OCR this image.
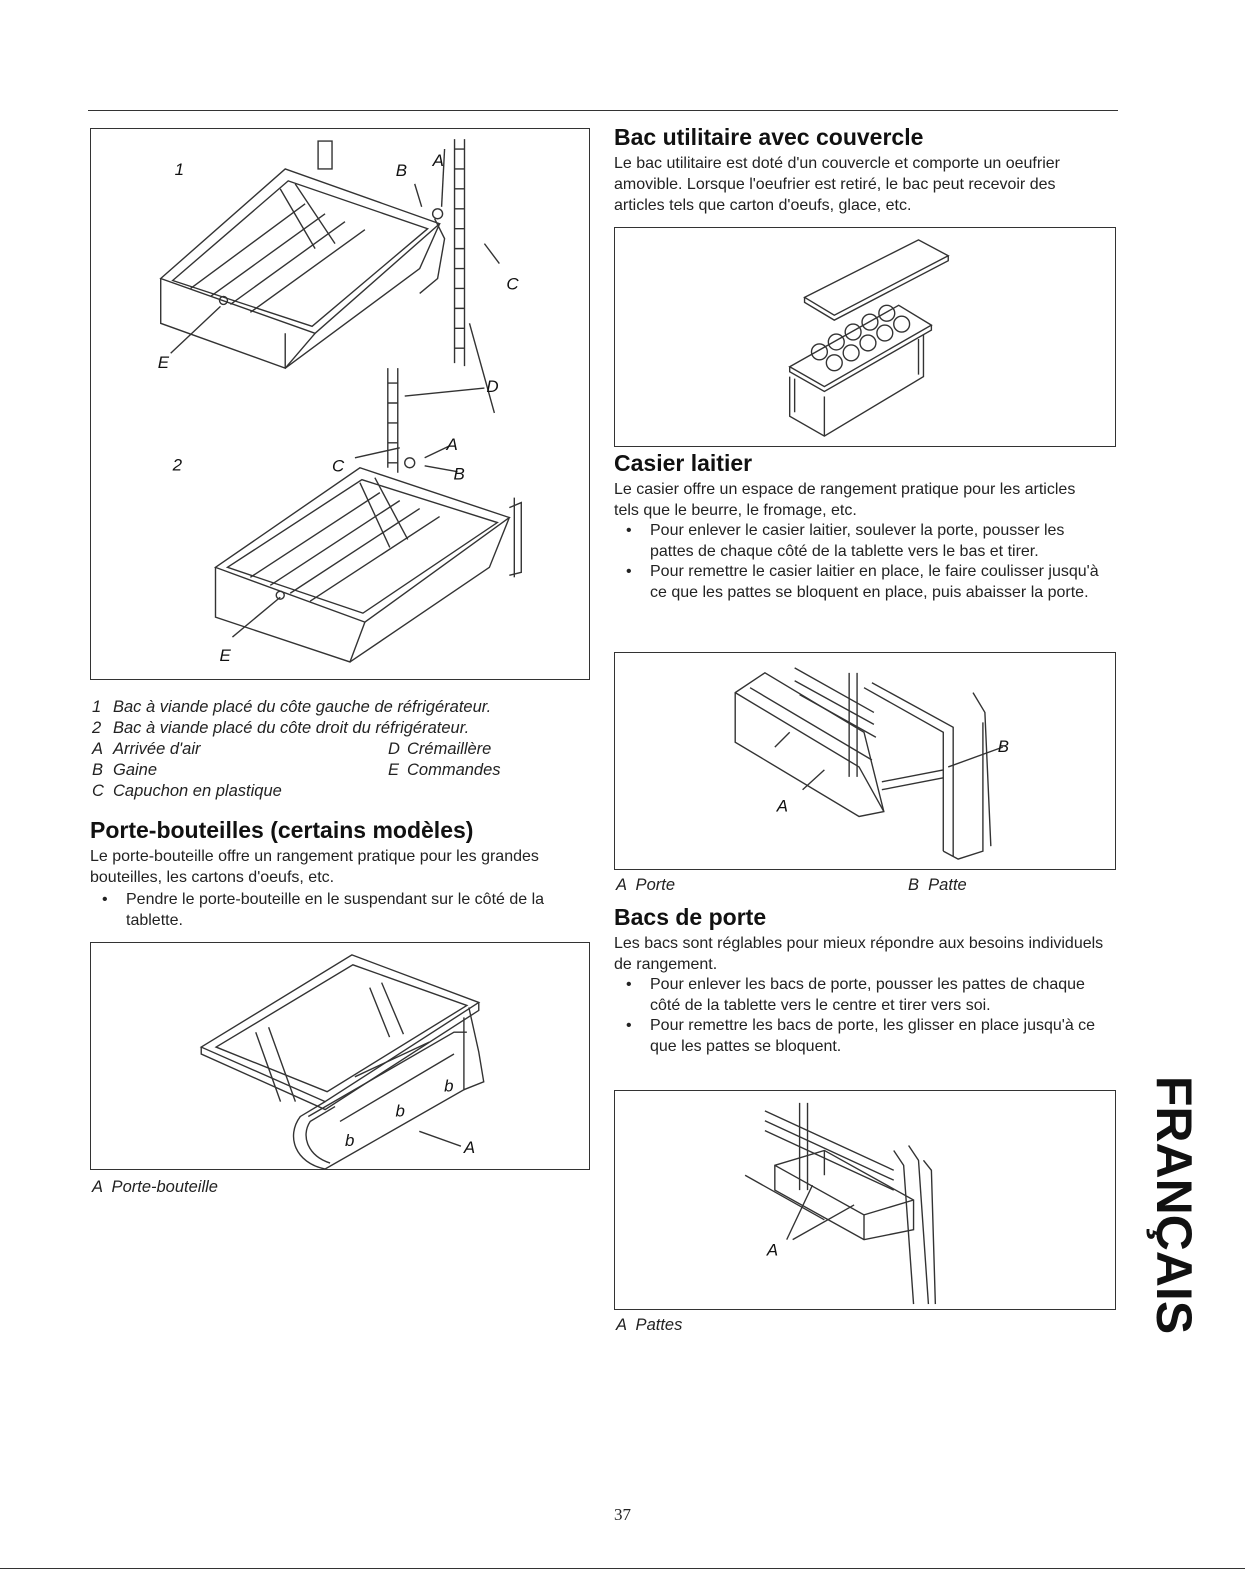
1	B
A
C
E
D
2	C
A
B
E
1 Bac à viande placé du côte gauche de réfrigérateur.
2 Bac à viande placé du côte droit du réfrigérateur.
A Arrivée d'air	D Crémaillère
B Gaine	E Commandes
C Capuchon en plastique
Porte-bouteilles (certains modèles)

Le porte-bouteille offre un rangement pratique pour les grandes bouteilles, les cartons d'oeufs, etc.

• Pendre le porte-bouteille en le suspendant sur le côté de la tablette.
b
b
b
A
A  Porte-bouteille
Bac utilitaire avec couvercle

Le bac utilitaire est doté d'un couvercle et comporte un oeufrier amovible. Lorsque l'oeufrier est retiré, le bac peut recevoir des articles tels que carton d'oeufs, glace, etc.

Casier laitier

Le casier offre un espace de rangement pratique pour les articles tels que le beurre, le fromage, etc.

• Pour enlever le casier laitier, soulever la porte, pousser les pattes de chaque côté de la tablette vers le bas et tirer.
• Pour remettre le casier laitier en place, le faire coulisser jusqu'à ce que les pattes se bloquent en place, puis abaisser la porte.
A
B
A  Porte	B  Patte
Bacs de porte

Les bacs sont réglables pour mieux répondre aux besoins individuels de rangement.

• Pour enlever les bacs de porte, pousser les pattes de chaque côté de la tablette vers le centre et tirer vers soi.
• Pour remettre les bacs de porte, les glisser en place jusqu'à ce que les pattes se bloquent.
A
A  Pattes	FRANÇAIS
37
